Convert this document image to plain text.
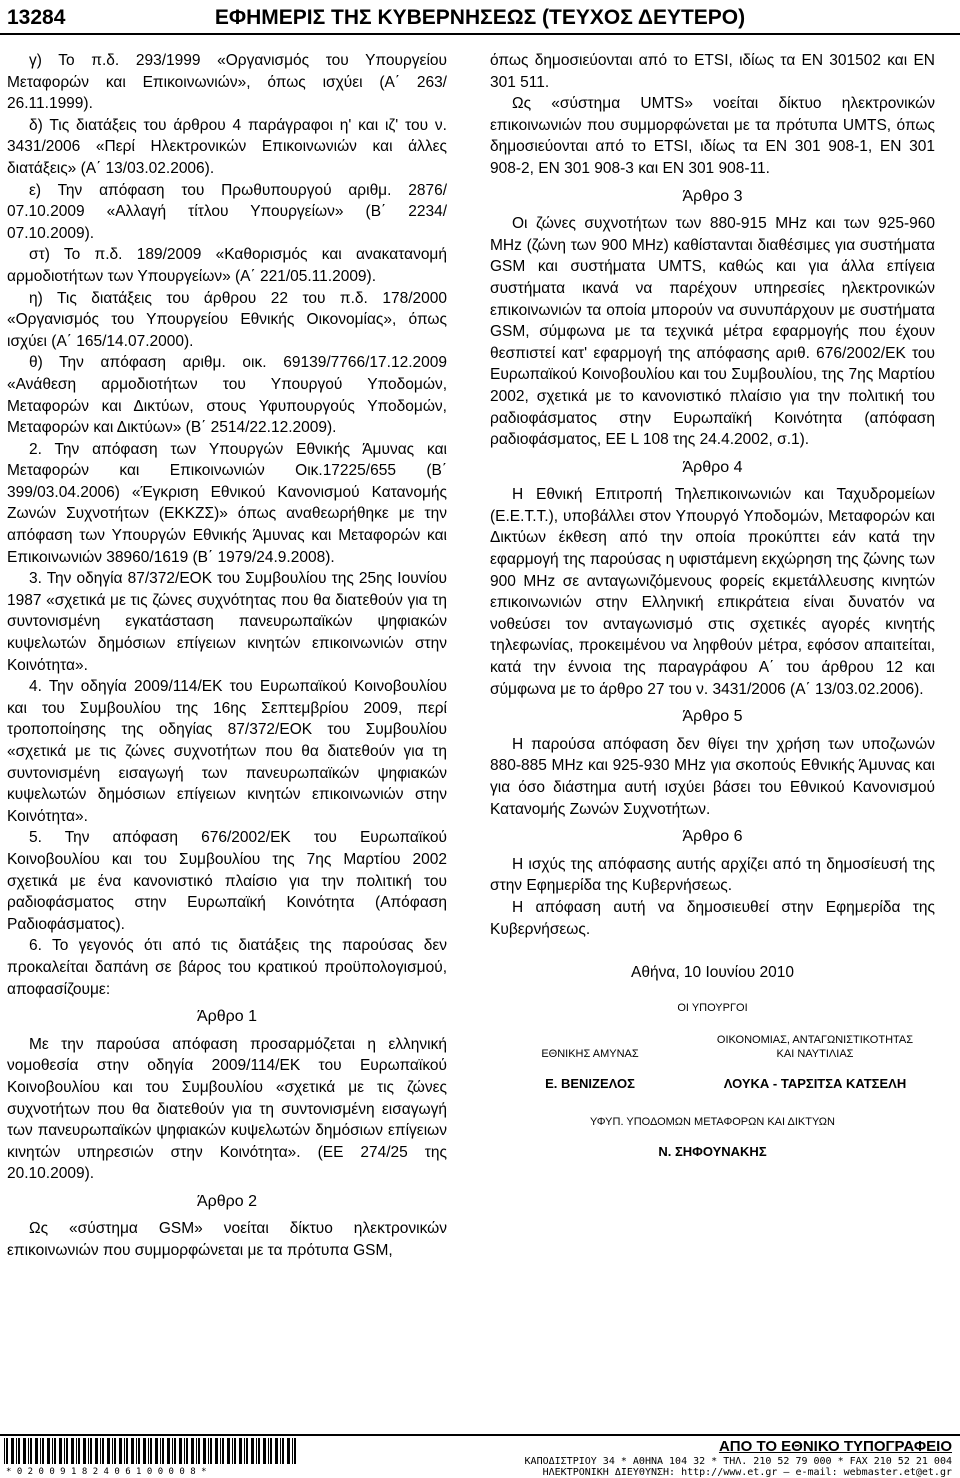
13284	ΕΦΗΜΕΡΙΣ ΤΗΣ ΚΥΒΕΡΝΗΣΕΩΣ (ΤΕΥΧΟΣ ΔΕΥΤΕΡΟ)

γ) Το π.δ. 293/1999 «Οργανισμός του Υπουργείου Μεταφορών και Επικοινωνιών», όπως ισχύει (Α΄ 263/ 26.11.1999).

δ) Τις διατάξεις του άρθρου 4 παράγραφοι η' και ιζ' του ν. 3431/2006 «Περί Ηλεκτρονικών Επικοινωνιών και άλλες διατάξεις» (Α΄ 13/03.02.2006).

ε) Την απόφαση του Πρωθυπουργού αριθμ. 2876/ 07.10.2009 «Αλλαγή τίτλου Υπουργείων» (Β΄ 2234/ 07.10.2009).

στ) Το π.δ. 189/2009 «Καθορισμός και ανακατανομή αρμοδιοτήτων των Υπουργείων» (Α΄ 221/05.11.2009).

η) Τις διατάξεις του άρθρου 22 του π.δ. 178/2000 «Οργανισμός του Υπουργείου Εθνικής Οικονομίας», όπως ισχύει (Α΄ 165/14.07.2000).

θ) Την απόφαση αριθμ. οικ. 69139/7766/17.12.2009 «Ανάθεση αρμοδιοτήτων του Υπουργού Υποδομών, Μεταφορών και Δικτύων, στους Υφυπουργούς Υποδομών, Μεταφορών και Δικτύων» (Β΄ 2514/22.12.2009).

2. Την απόφαση των Υπουργών Εθνικής Άμυνας και Μεταφορών και Επικοινωνιών Οικ.17225/655 (Β΄ 399/03.04.2006) «Έγκριση Εθνικού Κανονισμού Κατανομής Ζωνών Συχνοτήτων (ΕΚΚΖΣ)» όπως αναθεωρήθηκε με την απόφαση των Υπουργών Εθνικής Άμυνας και Μεταφορών και Επικοινωνιών 38960/1619 (Β΄ 1979/24.9.2008).

3. Την οδηγία 87/372/ΕΟΚ του Συμβουλίου της 25ης Ιουνίου 1987 «σχετικά με τις ζώνες συχνότητας που θα διατεθούν για τη συντονισμένη εγκατάσταση πανευρωπαϊκών ψηφιακών κυψελωτών δημόσιων επίγειων κινητών επικοινωνιών στην Κοινότητα».

4. Την οδηγία 2009/114/ΕΚ του Ευρωπαϊκού Κοινοβουλίου και του Συμβουλίου της 16ης Σεπτεμβρίου 2009, περί τροποποίησης της οδηγίας 87/372/ΕΟΚ του Συμβουλίου «σχετικά με τις ζώνες συχνοτήτων που θα διατεθούν για τη συντονισμένη εισαγωγή των πανευρωπαϊκών ψηφιακών κυψελωτών δημόσιων επίγειων κινητών επικοινωνιών στην Κοινότητα».

5. Την απόφαση 676/2002/ΕΚ του Ευρωπαϊκού Κοινοβουλίου και του Συμβουλίου της 7ης Μαρτίου 2002 σχετικά με ένα κανονιστικό πλαίσιο για την πολιτική του ραδιοφάσματος στην Ευρωπαϊκή Κοινότητα (Απόφαση Ραδιοφάσματος).

6. Το γεγονός ότι από τις διατάξεις της παρούσας δεν προκαλείται δαπάνη σε βάρος του κρατικού προϋπολογισμού, αποφασίζουμε:

Άρθρο 1

Με την παρούσα απόφαση προσαρμόζεται η ελληνική νομοθεσία στην οδηγία 2009/114/ΕΚ του Ευρωπαϊκού Κοινοβουλίου και του Συμβουλίου «σχετικά με τις ζώνες συχνοτήτων που θα διατεθούν για τη συντονισμένη εισαγωγή των πανευρωπαϊκών ψηφιακών κυψελωτών δημόσιων επίγειων κινητών υπηρεσιών στην Κοινότητα». (ΕΕ 274/25 της 20.10.2009).

Άρθρο 2

Ως «σύστημα GSM» νοείται δίκτυο ηλεκτρονικών επικοινωνιών που συμμορφώνεται με τα πρότυπα GSM,

όπως δημοσιεύονται από το ETSI, ιδίως τα ΕΝ 301502 και ΕΝ 301 511.

Ως «σύστημα UMTS» νοείται δίκτυο ηλεκτρονικών επικοινωνιών που συμμορφώνεται με τα πρότυπα UMTS, όπως δημοσιεύονται από το ETSI, ιδίως τα ΕΝ 301 908-1, ΕΝ 301 908-2, ΕΝ 301 908-3 και ΕΝ 301 908-11.

Άρθρο 3

Οι ζώνες συχνοτήτων των 880-915 MHz και των 925-960 MHz (ζώνη των 900 MHz) καθίστανται διαθέσιμες για συστήματα GSM και συστήματα UMTS, καθώς και για άλλα επίγεια συστήματα ικανά να παρέχουν υπηρεσίες ηλεκτρονικών επικοινωνιών τα οποία μπορούν να συνυπάρχουν με συστήματα GSM, σύμφωνα με τα τεχνικά μέτρα εφαρμογής που έχουν θεσπιστεί κατ' εφαρμογή της απόφασης αριθ. 676/2002/ΕΚ του Ευρωπαϊκού Κοινοβουλίου και του Συμβουλίου, της 7ης Μαρτίου 2002, σχετικά με το κανονιστικό πλαίσιο για την πολιτική του ραδιοφάσματος στην Ευρωπαϊκή Κοινότητα (απόφαση ραδιοφάσματος, ΕΕ L 108 της 24.4.2002, σ.1).

Άρθρο 4

Η Εθνική Επιτροπή Τηλεπικοινωνιών και Ταχυδρομείων (Ε.Ε.Τ.Τ.), υποβάλλει στον Υπουργό Υποδομών, Μεταφορών και Δικτύων έκθεση από την οποία προκύπτει εάν κατά την εφαρμογή της παρούσας η υφιστάμενη εκχώρηση της ζώνης των 900 MHz σε ανταγωνιζόμενους φορείς εκμετάλλευσης κινητών επικοινωνιών στην Ελληνική επικράτεια είναι δυνατόν να νοθεύσει τον ανταγωνισμό στις σχετικές αγορές κινητής τηλεφωνίας, προκειμένου να ληφθούν μέτρα, εφόσον απαιτείται, κατά την έννοια της παραγράφου Α΄ του άρθρου 12 και σύμφωνα με το άρθρο 27 του ν. 3431/2006 (Α΄ 13/03.02.2006).

Άρθρο 5

Η παρούσα απόφαση δεν θίγει την χρήση των υποζωνών 880-885 MHz και 925-930 MHz για σκοπούς Εθνικής Άμυνας και για όσο διάστημα αυτή ισχύει βάσει του Εθνικού Κανονισμού Κατανομής Ζωνών Συχνοτήτων.

Άρθρο 6

Η ισχύς της απόφασης αυτής αρχίζει από τη δημοσίευσή της στην Εφημερίδα της Κυβερνήσεως.

Η απόφαση αυτή να δημοσιευθεί στην Εφημερίδα της Κυβερνήσεως.

Αθήνα, 10 Ιουνίου 2010
ΟΙ ΥΠΟΥΡΓΟΙ
ΕΘΝΙΚΗΣ ΑΜΥΝΑΣ
Ε. ΒΕΝΙΖΕΛΟΣ
ΟΙΚΟΝΟΜΙΑΣ, ΑΝΤΑΓΩΝΙΣΤΙΚΟΤΗΤΑΣ
ΚΑΙ ΝΑΥΤΙΛΙΑΣ
ΛΟΥΚΑ - ΤΑΡΣΙΤΣΑ ΚΑΤΣΕΛΗ
ΥΦΥΠ. ΥΠΟΔΟΜΩΝ ΜΕΤΑΦΟΡΩΝ ΚΑΙ ΔΙΚΤΥΩΝ
Ν. ΣΗΦΟΥΝΑΚΗΣ
* 0 2 0 0 9 1 8 2 4 0 6 1 0 0 0 0 8 *
ΑΠΟ ΤΟ ΕΘΝΙΚΟ ΤΥΠΟΓΡΑΦΕΙΟ
ΚΑΠΟΔΙΣΤΡΙΟΥ 34 * ΑΘΗΝΑ 104 32 * ΤΗΛ. 210 52 79 000 * FAX 210 52 21 004
ΗΛΕΚΤΡΟΝΙΚΗ ΔΙΕΥΘΥΝΣΗ: http://www.et.gr — e-mail: webmaster.et@et.gr
